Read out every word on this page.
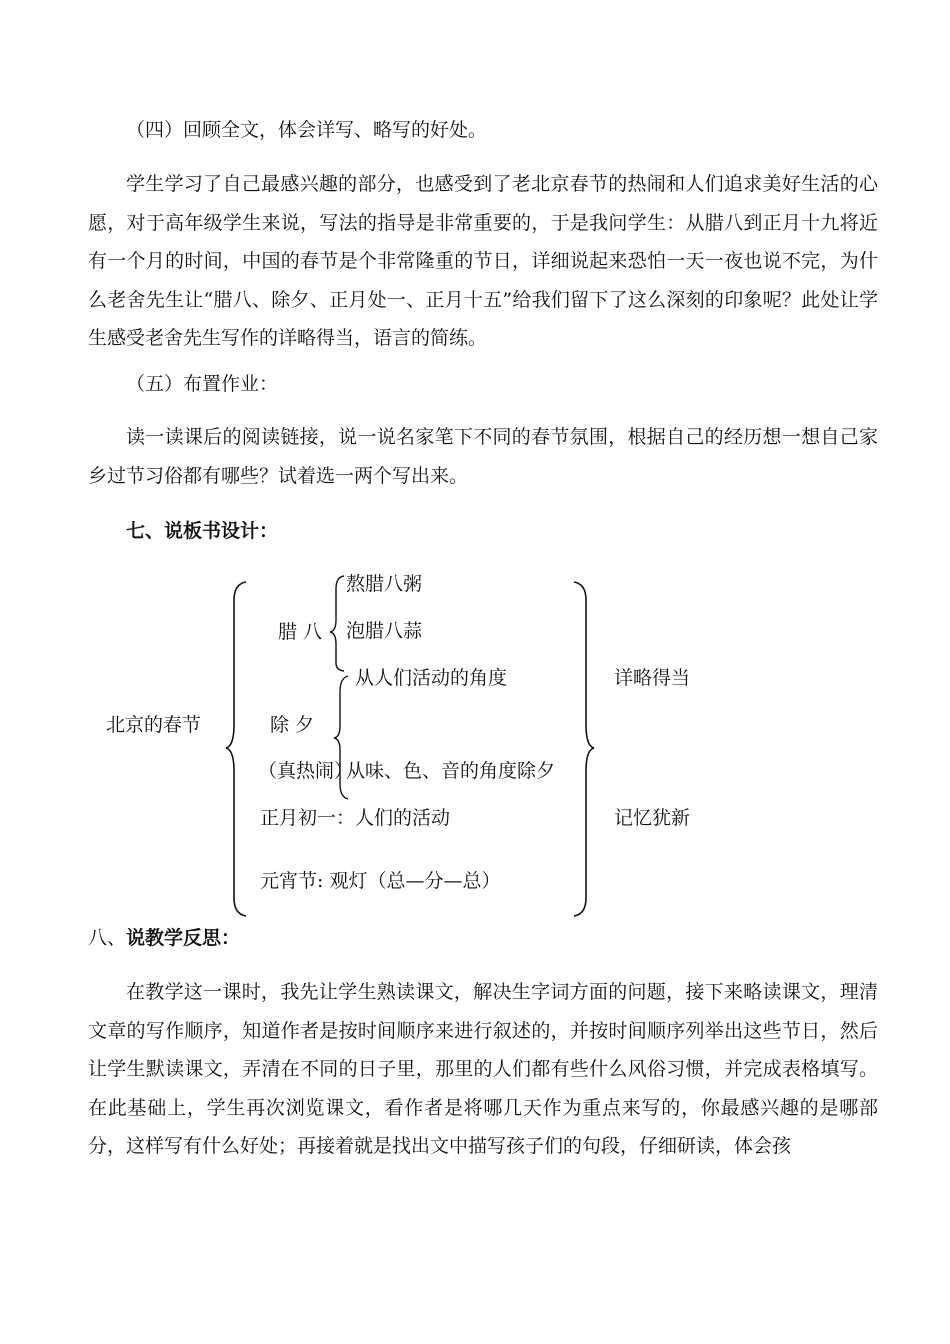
（四）回顾全文，体会详写、略写的好处。

学生学习了自己最感兴趣的部分，也感受到了老北京春节的热闹和人们追求美好生活的心愿，对于高年级学生来说，写法的指导是非常重要的，于是我问学生：从腊八到正月十九将近有一个月的时间，中国的春节是个非常隆重的节日，详细说起来恐怕一天一夜也说不完，为什么老舍先生让“腊八、除夕、正月处一、正月十五”给我们留下了这么深刻的印象呢？此处让学生感受老舍先生写作的详略得当，语言的简练。

（五）布置作业：

读一读课后的阅读链接，说一说名家笔下不同的春节氛围，根据自己的经历想一想自己家乡过节习俗都有哪些？试着选一两个写出来。

七、说板书设计：
北京的春节
腊 八
熬腊八粥
泡腊八蒜
从人们活动的角度
除 夕
（真热闹）
从味、色、音的角度除夕
正月初一：人们的活动
元宵节: 观灯（总—分—总）
详略得当
记忆犹新
八、说教学反思：

在教学这一课时，我先让学生熟读课文，解决生字词方面的问题，接下来略读课文，理清文章的写作顺序，知道作者是按时间顺序来进行叙述的，并按时间顺序列举出这些节日，然后让学生默读课文，弄清在不同的日子里，那里的人们都有些什么风俗习惯，并完成表格填写。在此基础上，学生再次浏览课文，看作者是将哪几天作为重点来写的，你最感兴趣的是哪部分，这样写有什么好处；再接着就是找出文中描写孩子们的句段，仔细研读，体会孩
